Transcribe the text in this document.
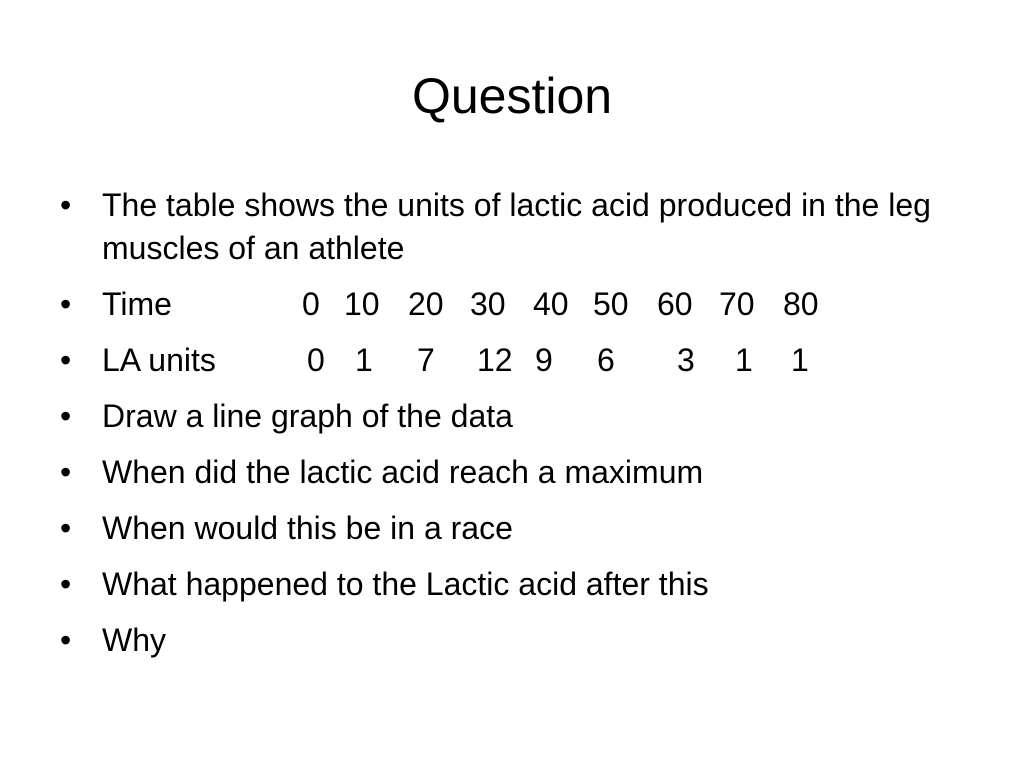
Question
• The table shows the units of lactic acid produced in the leg muscles of an athlete
• Time	0 10 20 30 40 50 60 70 80
• LA units	0 1	7	12 9	6	3	1	1
• Draw a line graph of the data
• When did the lactic acid reach a maximum
• When would this be in a race
• What happened to the Lactic acid after this
• Why
